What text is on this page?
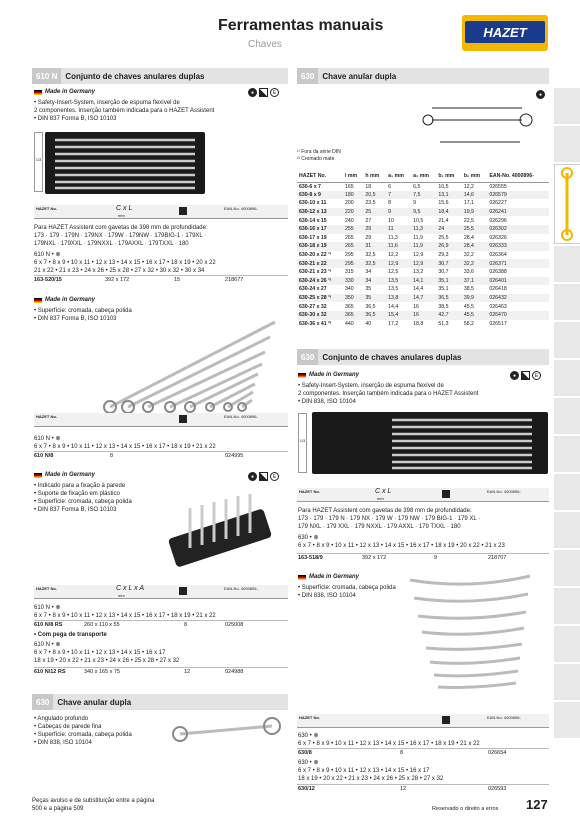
Ferramentas manuais
Chaves
HAZET
610 N	Conjunto de chaves anulares duplas
Made in Germany	●	E
• Safety-Insert-System, inserção de espuma flexível de
2 componentes. Inserção também indicada para o HAZET Assistent
• DIN 837 Forma B, ISO 10103
1/3
HAZET No.	C x L
mm
EAN-No. 4000896-
Para HAZET Assistent com gavetas de 398 mm de profundidade:
173 · 179 · 179N · 179NX · 179W · 179NW · 179BIG-1 · 179XL ·
179NXL · 179XXL · 179NXXL · 179AXXL · 179TXXL · 180
610 N • ⊗
6 x 7 • 8 x 9 • 10 x 11 • 12 x 13 • 14 x 15 • 16 x 17 • 18 x 19 • 20 x 22
21 x 22 • 21 x 23 • 24 x 26 • 25 x 28 • 27 x 32 • 30 x 32 • 30 x 34
163-520/15	392 x 172	15	218677
Made in Germany
• Superfície: cromada, cabeça polida
• DIN 837 Forma B, ISO 10103
HAZET No.	EAN-No. 4000896-
610 N • ⊗
6 x 7 • 8 x 9 • 10 x 11 • 12 x 13 • 14 x 15 • 16 x 17 • 18 x 19 • 21 x 22
610 N/8	8	024995
Made in Germany	●	E
• Indicado para a fixação à parede
• Suporte de fixação em plástico
• Superfície: cromada, cabeça polida
• DIN 837 Forma B, ISO 10103
HAZET No.	C x L x A
mm
EAN-No. 4000896-
610 N • ⊗
6 x 7 • 8 x 9 • 10 x 11 • 12 x 13 • 14 x 15 • 16 x 17 • 18 x 19 • 21 x 22
610 N/8 RS	260 x 110 x 55	8	025008
• Com pega de transporte
610 N • ⊗
6 x 7 • 8 x 9 • 10 x 11 • 12 x 13 • 14 x 15 • 16 x 17
18 x 19 • 20 x 22 • 21 x 23 • 24 x 26 • 25 x 28 • 27 x 32
610 N/12 RS	340 x 165 x 75	12	024988
630	Chave anular dupla
• Angulado profundo
• Cabeças de parede fina
• Superfície: cromada, cabeça polida
• DIN 838, ISO 10104
630	Chave anular dupla
●
¹⁾ Fora da série DIN
²⁾ Cromado mate
HAZET No.	l mm	h mm	a₁ mm	a₂ mm	b₁ mm	b₂ mm	EAN-No. 4000896-
630-6 x 7	165	18	6	6,5	10,5	12,2	026555
630-8 x 9	180	20,5	7	7,5	13,1	14,6	026579
630-10 x 11	200	23,5	8	9	15,6	17,1	026227
630-12 x 13	220	25	9	9,5	18,4	19,9	026241
630-14 x 15	240	27	10	10,5	21,4	22,5	026296
630-16 x 17	255	29	11	11,3	24	25,5	026302
630-17 x 19	265	29	11,3	11,9	25,5	28,4	026326
630-18 x 19	265	31	11,6	11,9	26,9	28,4	026333
630-20 x 22 ¹⁾	295	32,5	12,2	12,9	29,3	32,2	026364
630-21 x 22	295	32,5	12,9	12,9	30,7	32,2	026371
630-21 x 23 ¹⁾	315	34	12,5	13,2	30,7	33,6	026388
630-24 x 26 ¹⁾	330	34	13,5	14,1	35,1	37,1	026401
630-24 x 27	340	35	13,5	14,4	35,1	38,5	026418
630-25 x 28 ¹⁾	350	35	13,8	14,7	36,5	39,9	026432
630-27 x 32	365	36,5	14,4	16	38,5	45,5	026463
630-30 x 32	365	36,5	15,4	16	42,7	45,5	026470
630-36 x 41 ²⁾	440	40	17,2	18,8	51,3	58,2	026517
630	Conjunto de chaves anulares duplas
Made in Germany	●	E
• Safety-Insert-System, inserção de espuma flexível de
2 componentes. Inserção também indicada para o HAZET Assistent
• DIN 838, ISO 10104
1/3
HAZET No.	C x L
mm
EAN-No. 4000896-
Para HAZET Assistent com gavetas de 398 mm de profundidade:
173 · 179 · 179 N · 179 NX · 179 W · 179 NW · 179 BIG-1 · 179 XL ·
179 NXL · 179 XXL · 179 NXXL · 179 AXXL · 179 TXXL · 180
630 • ⊗
6 x 7 • 8 x 9 • 10 x 11 • 12 x 13 • 14 x 15 • 16 x 17 • 18 x 19 • 20 x 22 • 21 x 23
163-518/9	392 x 172	9	218707
Made in Germany
• Superfície: cromada, cabeça polida
• DIN 838, ISO 10104
HAZET No.	EAN-No. 4000896-
630 • ⊗
6 x 7 • 8 x 9 • 10 x 11 • 12 x 13 • 14 x 15 • 16 x 17 • 18 x 19 • 21 x 22
630/8	8	026654
630 • ⊗
6 x 7 • 8 x 9 • 10 x 11 • 12 x 13 • 14 x 15 • 16 x 17
18 x 19 • 20 x 22 • 21 x 23 • 24 x 26 • 25 x 28 • 27 x 32
630/12	12	026593
Peças avulso e de substituição entre a página
500 e a página 509	Reservado o direito a erros 127
